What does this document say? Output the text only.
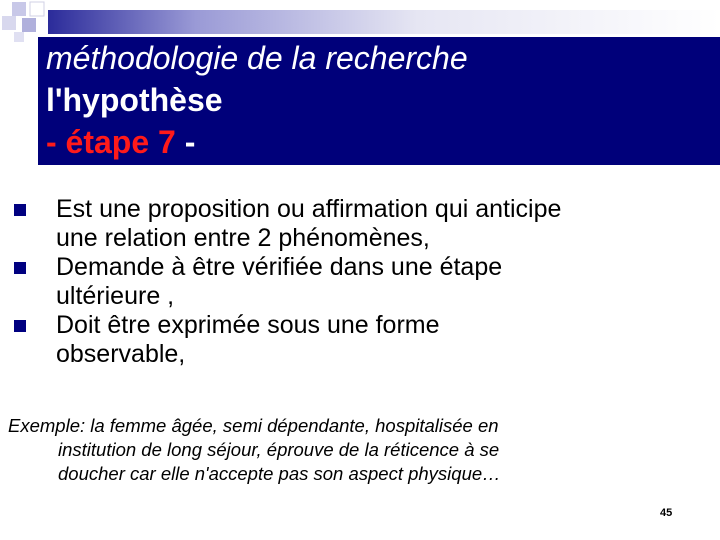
méthodologie de la recherche
l'hypothèse
- étape 7 -
Est une proposition ou affirmation qui anticipe
une relation entre 2 phénomènes,
Demande à être vérifiée dans une étape
ultérieure ,
Doit être exprimée sous une forme
observable,
Exemple: la femme âgée, semi dépendante, hospitalisée en
institution de long séjour, éprouve de la réticence à se
doucher car elle n'accepte pas son aspect physique…
45
